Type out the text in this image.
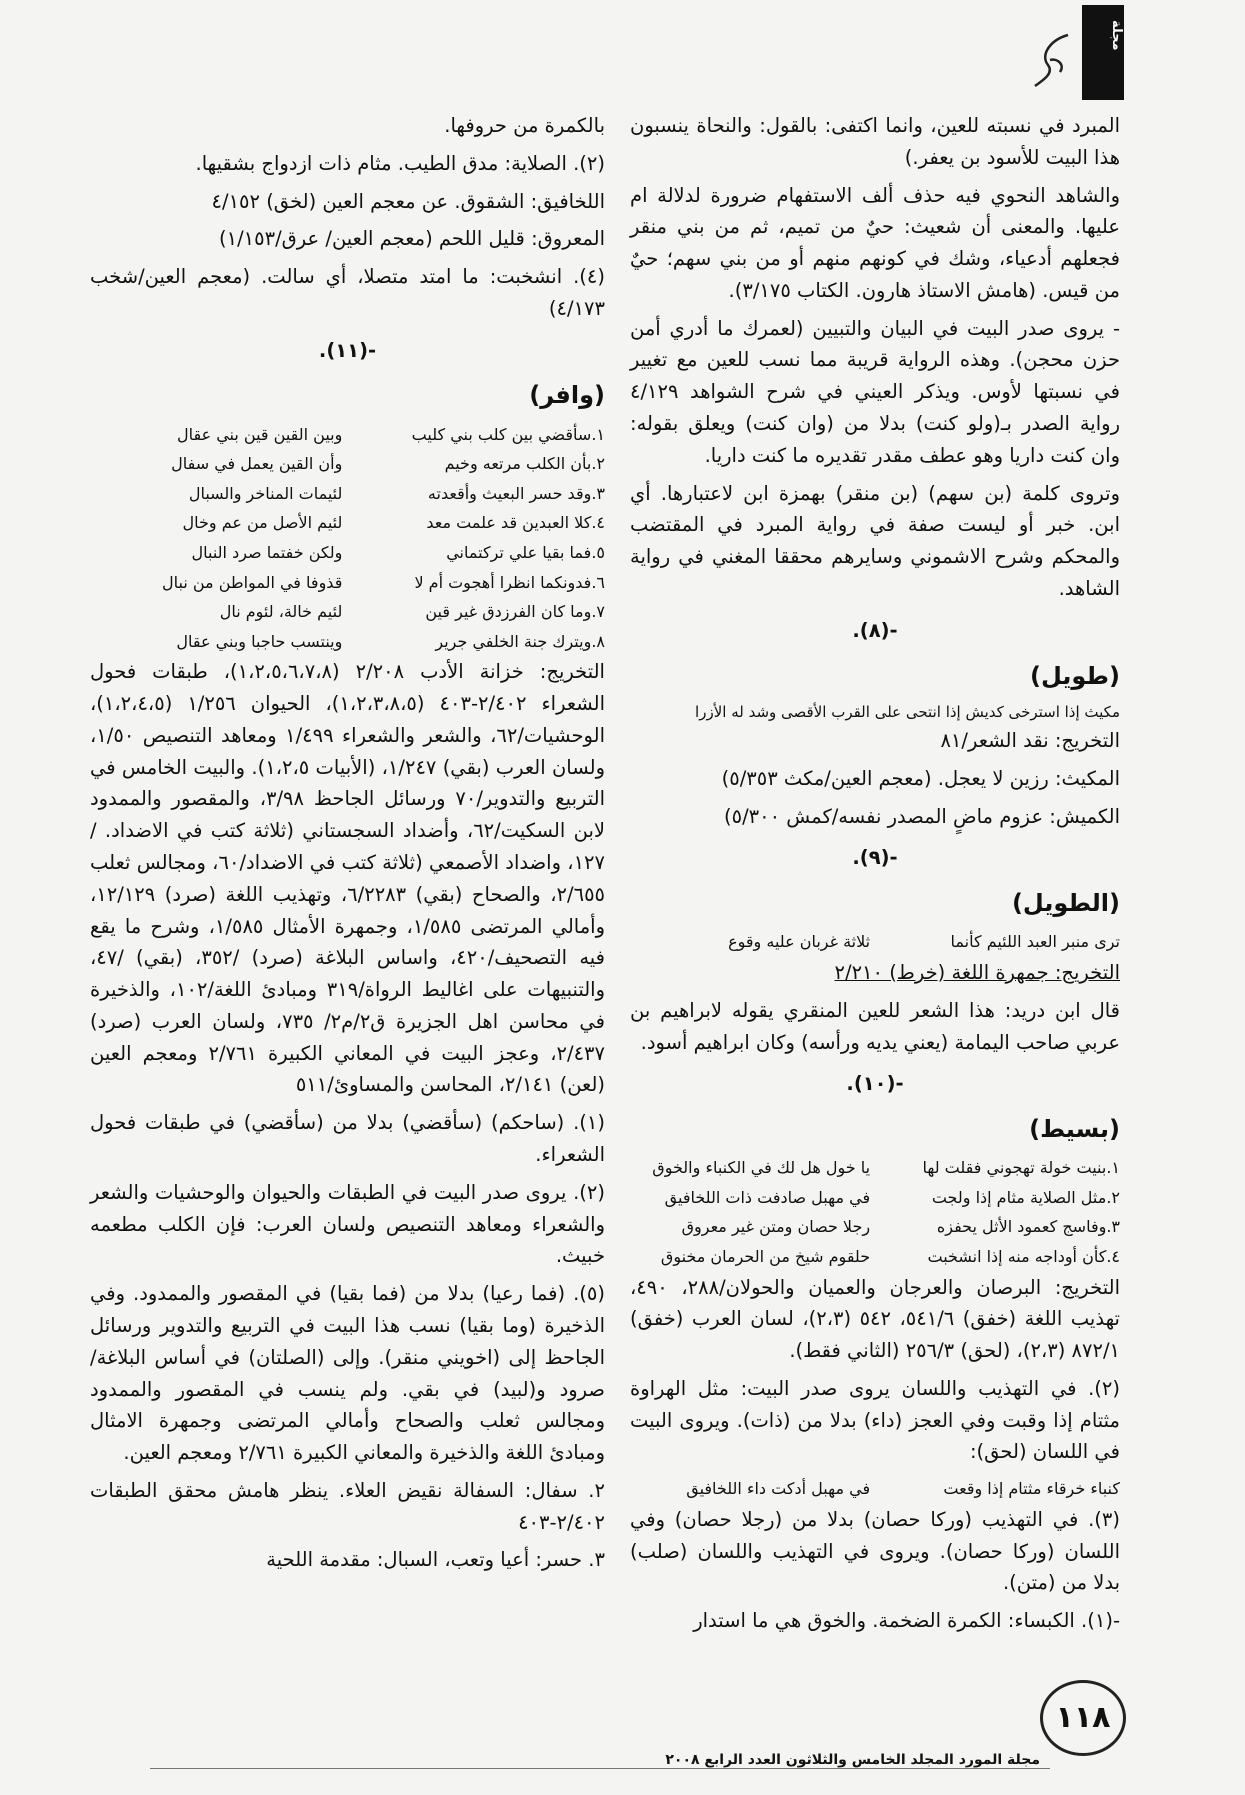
مجلة

المبرد في نسبته للعين، وانما اكتفى: بالقول: والنحاة ينسبون هذا البيت للأسود بن يعفر.)

والشاهد النحوي فيه حذف ألف الاستفهام ضرورة لدلالة ام عليها. والمعنى أن شعيث: حيٌ من تميم، ثم من بني منقر فجعلهم أدعياء، وشك في كونهم منهم أو من بني سهم؛ حيٌ من قيس. (هامش الاستاذ هارون. الكتاب ٣/١٧٥).

- يروى صدر البيت في البيان والتبيين (لعمرك ما أدري أمن حزن محجن). وهذه الرواية قريبة مما نسب للعين مع تغيير في نسبتها لأوس. ويذكر العيني في شرح الشواهد ٤/١٢٩ رواية الصدر بـ(ولو كنت) بدلا من (وان كنت) ويعلق بقوله: وان كنت داريا وهو عطف مقدر تقديره ما كنت داريا.

وتروى كلمة (بن سهم) (بن منقر) بهمزة ابن لاعتبارها. أي ابن. خبر أو ليست صفة في رواية المبرد في المقتضب والمحكم وشرح الاشموني وسايرهم محققا المغني في رواية الشاهد.

-(٨).
(طويل)
مكيث إذا استرخى كديش إذا انتحى على القرب الأقصى وشد له الأزرا

التخريج: نقد الشعر/٨١

المكيث: رزين لا يعجل. (معجم العين/مكث ٥/٣٥٣)

الكميش: عزوم ماضٍ المصدر نفسه/كمش ٥/٣٠٠)

-(٩).
(الطويل)
ترى منبر العبد اللئيم كأنما
ثلاثة غربان عليه وقوع

التخريج: جمهرة اللغة (خرط) ٢/٢١٠

قال ابن دريد: هذا الشعر للعين المنقري يقوله لابراهيم بن عربي صاحب اليمامة (يعني يديه ورأسه) وكان ابراهيم أسود.

-(١٠).
(بسيط)
١.بنيت خولة تهجوني فقلت لها
يا خول هل لك في الكنباء والخوق
٢.مثل الصلاية مثام إذا ولجت
في مهبل صادفت ذات اللخافيق
٣.وفاسج كعمود الأثل يحفزه
رجلا حصان ومتن غير معروق
٤.كأن أوداجه منه إذا انشخبت
حلقوم شيخ من الحرمان مخنوق

التخريج: البرصان والعرجان والعميان والحولان/٢٨٨، ٤٩٠، تهذيب اللغة (خفق) ٥٤١/٦، ٥٤٢ (٢،٣)، لسان العرب (خفق) ٨٧٢/١ (٢،٣)، (لحق) ٢٥٦/٣ (الثاني فقط).

(٢). في التهذيب واللسان يروى صدر البيت: مثل الهراوة مثتام إذا وقبت وفي العجز (داء) بدلا من (ذات). ويروى البيت في اللسان (لحق):

كنباء خرقاء مثتام إذا وقعت
في مهبل أدكت داء اللخافيق

(٣). في التهذيب (وركا حصان) بدلا من (رجلا حصان) وفي اللسان (وركا حصان). ويروى في التهذيب واللسان (صلب) بدلا من (متن).

-(١). الكبساء: الكمرة الضخمة. والخوق هي ما استدار

بالكمرة من حروفها.

(٢). الصلاية: مدق الطيب. مثام ذات ازدواج بشقيها.

اللخافيق: الشقوق. عن معجم العين (لخق) ٤/١٥٢

المعروق: قليل اللحم (معجم العين/ عرق/١/١٥٣)

(٤). انشخبت: ما امتد متصلا، أي سالت. (معجم العين/شخب ٤/١٧٣)

-(١١).
(وافر)
١.سأقضي بين كلب بني كليب
وبين القين قين بني عقال
٢.بأن الكلب مرتعه وخيم
وأن القين يعمل في سفال
٣.وقد حسر البعيث وأقعدته
لئيمات المناخر والسبال
٤.كلا العبدين قد علمت معد
لئيم الأصل من عم وخال
٥.فما بقيا علي تركتماني
ولكن خفتما صرد النبال
٦.فدونكما انظرا أهجوت أم لا
قذوفا في المواطن من نبال
٧.وما كان الفرزدق غير قين
لئيم خالة، لئوم نال
٨.ويترك جنة الخلفي جرير
وينتسب حاجبا وبني عقال

التخريج: خزانة الأدب ٢/٢٠٨ (١،٢،٥،٦،٧،٨)، طبقات فحول الشعراء ٢/٤٠٢-٤٠٣ (١،٢،٣،٨،٥)، الحيوان ١/٢٥٦ (١،٢،٤،٥)، الوحشيات/٦٢، والشعر والشعراء ١/٤٩٩ ومعاهد التنصيص ١/٥٠، ولسان العرب (بقي) ١/٢٤٧، (الأبيات ١،٢،٥). والبيت الخامس في التربيع والتدوير/٧٠ ورسائل الجاحظ ٣/٩٨، والمقصور والممدود لابن السكيت/٦٢، وأضداد السجستاني (ثلاثة كتب في الاضداد. /١٢٧، واضداد الأصمعي (ثلاثة كتب في الاضداد/٦٠، ومجالس ثعلب ٢/٦٥٥، والصحاح (بقي) ٦/٢٢٨٣، وتهذيب اللغة (صرد) ١٢/١٢٩، وأمالي المرتضى ١/٥٨٥، وجمهرة الأمثال ١/٥٨٥، وشرح ما يقع فيه التصحيف/٤٢٠، واساس البلاغة (صرد) /٣٥٢، (بقي) /٤٧، والتنبيهات على اغاليط الرواة/٣١٩ ومبادئ اللغة/١٠٢، والذخيرة في محاسن اهل الجزيرة ق٢/م٢/ ٧٣٥، ولسان العرب (صرد) ٢/٤٣٧، وعجز البيت في المعاني الكبيرة ٢/٧٦١ ومعجم العين (لعن) ٢/١٤١، المحاسن والمساوئ/٥١١

(١). (ساحكم) (سأقضي) بدلا من (سأقضي) في طبقات فحول الشعراء.

(٢). يروى صدر البيت في الطبقات والحيوان والوحشيات والشعر والشعراء ومعاهد التنصيص ولسان العرب: فإن الكلب مطعمه خبيث.

(٥). (فما رعيا) بدلا من (فما بقيا) في المقصور والممدود. وفي الذخيرة (وما بقيا) نسب هذا البيت في التربيع والتدوير ورسائل الجاحظ إلى (اخويني منقر). وإلى (الصلتان) في أساس البلاغة/صرود و(لبيد) في بقي. ولم ينسب في المقصور والممدود ومجالس ثعلب والصحاح وأمالي المرتضى وجمهرة الامثال ومبادئ اللغة والذخيرة والمعاني الكبيرة ٢/٧٦١ ومعجم العين.

٢. سفال: السفالة نقيض العلاء. ينظر هامش محقق الطبقات ٢/٤٠٢-٤٠٣

٣. حسر: أعيا وتعب، السبال: مقدمة اللحية

١١٨
مجلة المورد المجلد الخامس والثلاثون العدد الرابع ٢٠٠٨
